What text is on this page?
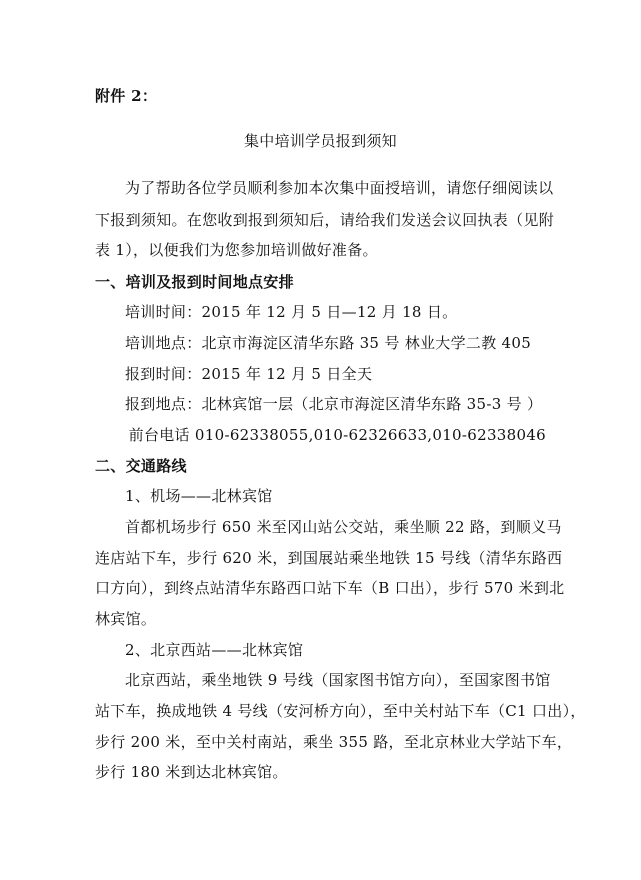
附件 2：
集中培训学员报到须知
为了帮助各位学员顺利参加本次集中面授培训，请您仔细阅读以
下报到须知。在您收到报到须知后，请给我们发送会议回执表（见附
表 1），以便我们为您参加培训做好准备。
一、培训及报到时间地点安排
培训时间：2015 年 12 月 5 日—12 月 18 日。
培训地点：北京市海淀区清华东路 35 号 林业大学二教 405
报到时间：2015 年 12 月 5 日全天
报到地点：北林宾馆一层（北京市海淀区清华东路 35-3 号 ）
前台电话 010-62338055,010-62326633,010-62338046
二、交通路线
1、机场——北林宾馆
首都机场步行 650 米至冈山站公交站，乘坐顺 22 路，到顺义马
连店站下车，步行 620 米，到国展站乘坐地铁 15 号线（清华东路西
口方向），到终点站清华东路西口站下车（B 口出），步行 570 米到北
林宾馆。
2、北京西站——北林宾馆
北京西站，乘坐地铁 9 号线（国家图书馆方向），至国家图书馆
站下车，换成地铁 4 号线（安河桥方向），至中关村站下车（C1 口出），
步行 200 米，至中关村南站，乘坐 355 路，至北京林业大学站下车，
步行 180 米到达北林宾馆。
